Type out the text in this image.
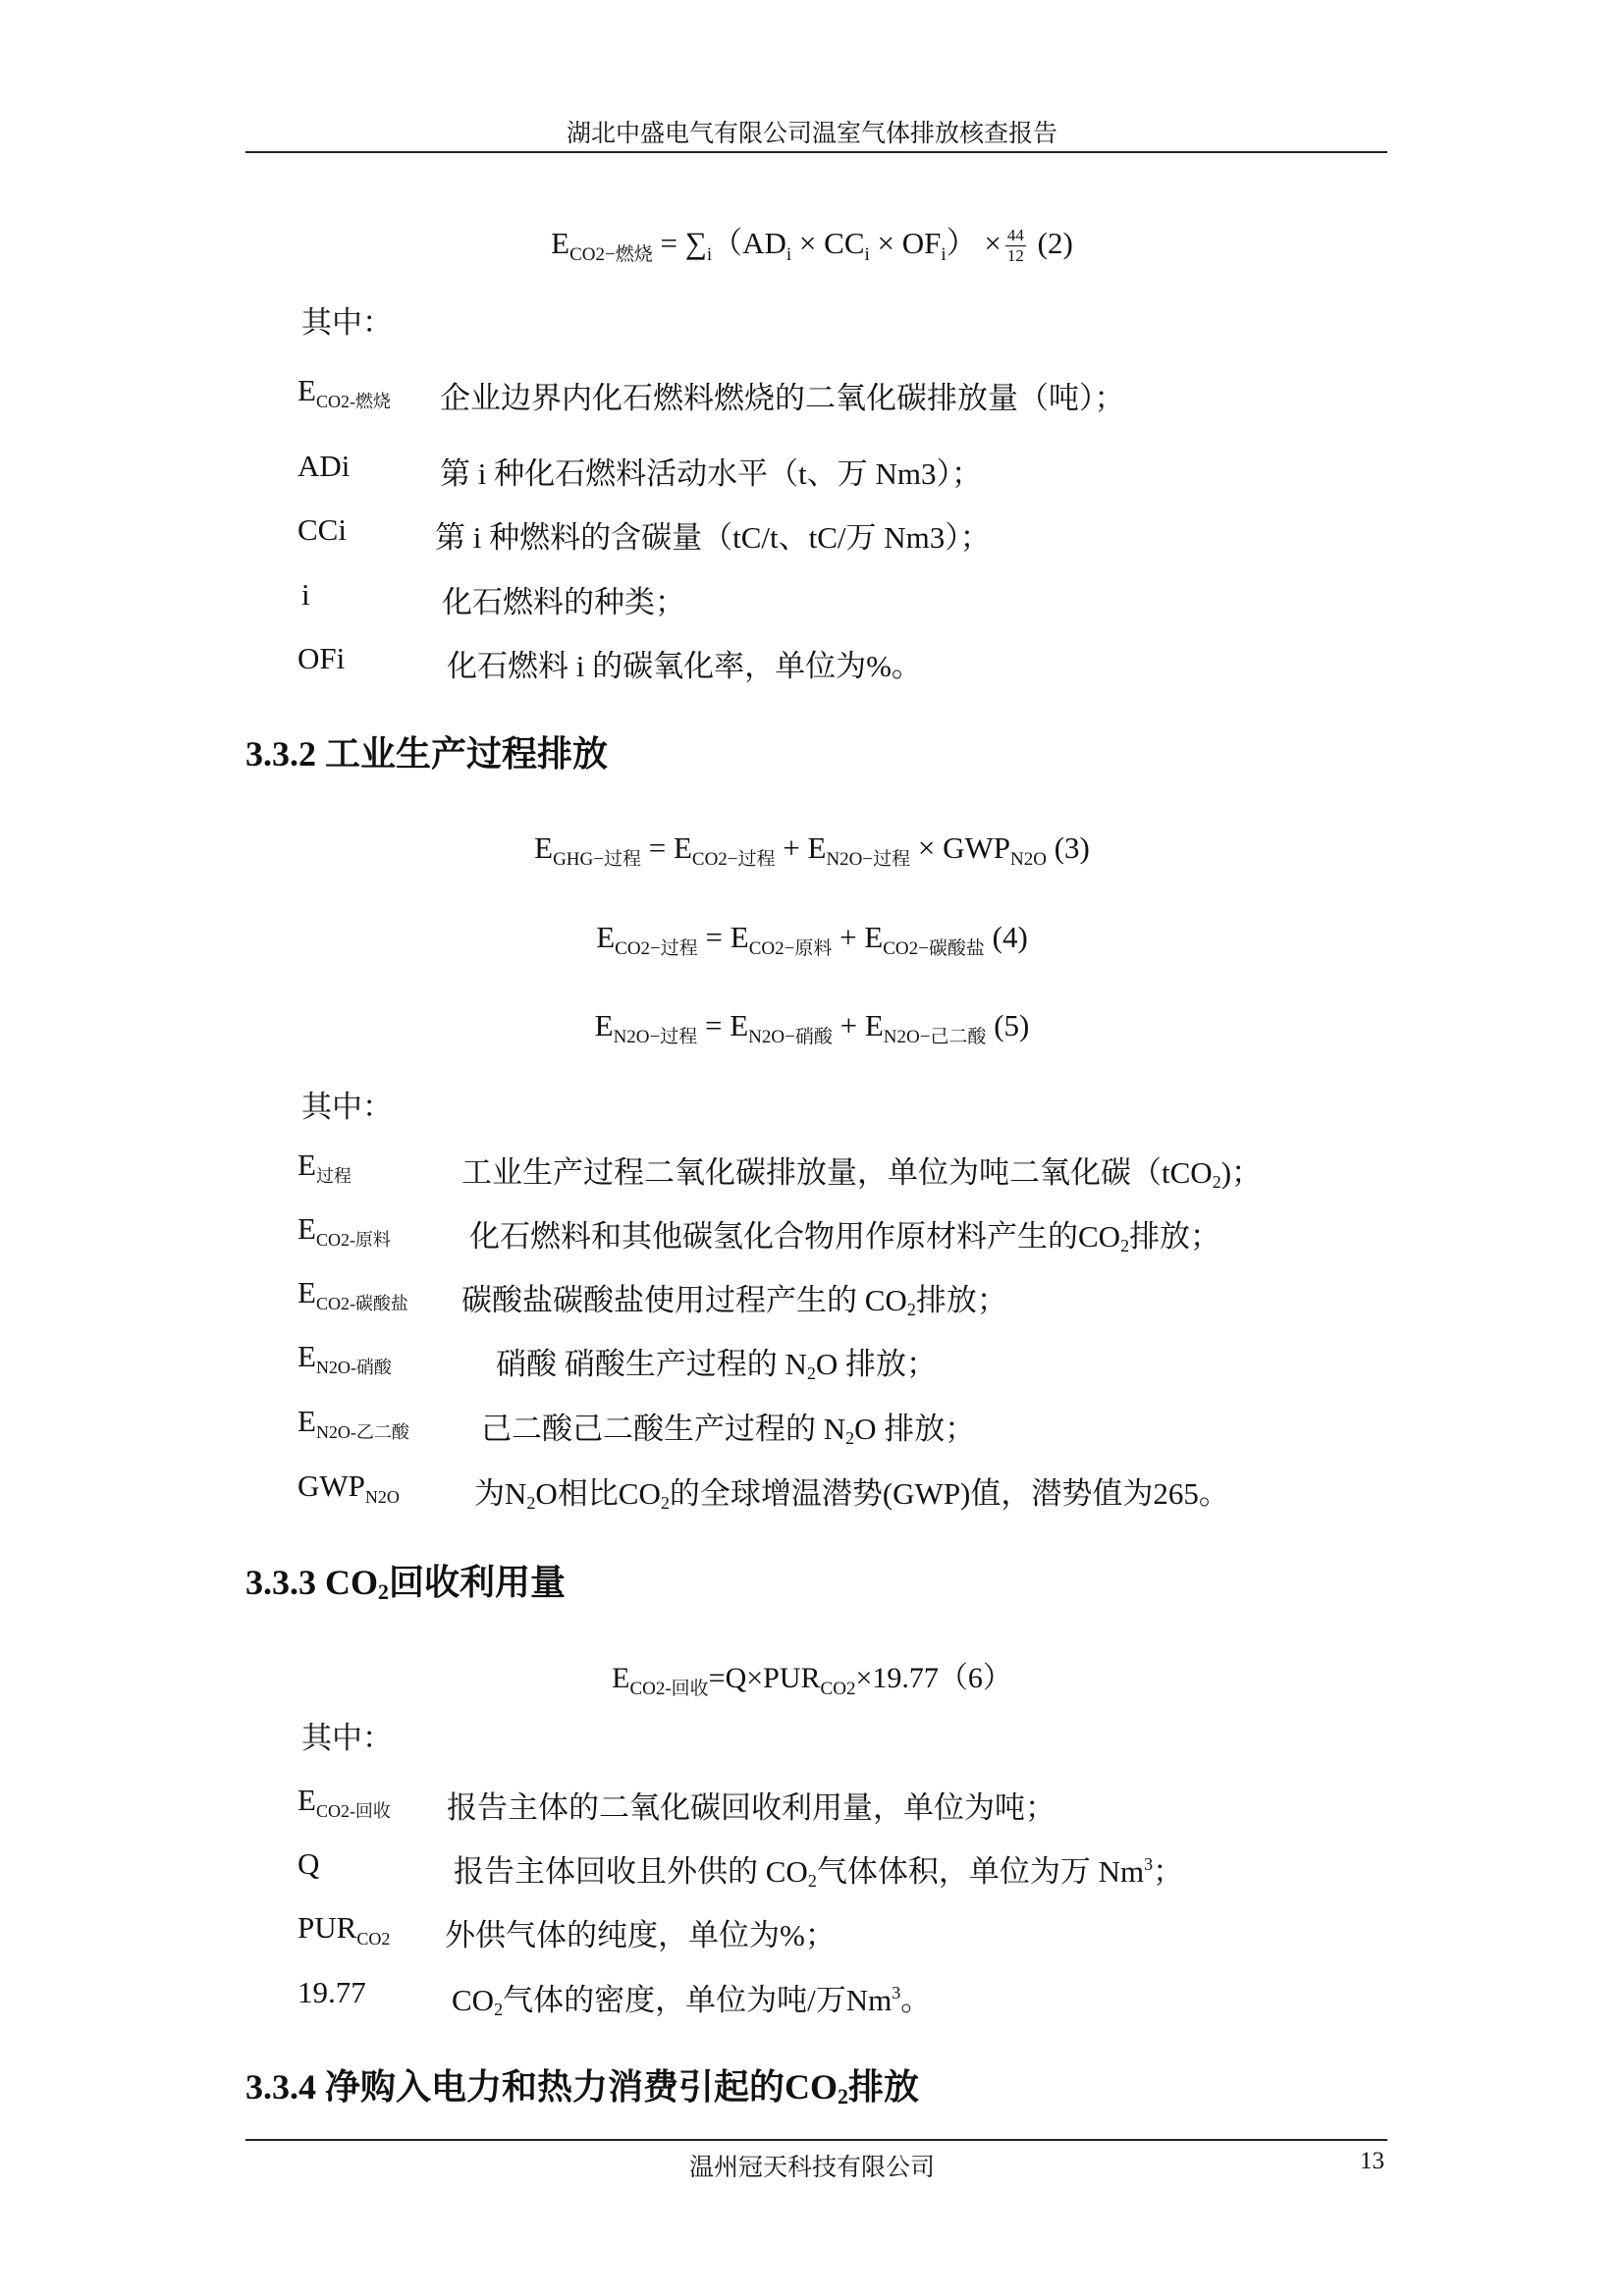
湖北中盛电气有限公司温室气体排放核查报告
$E_{CO2-燃烧} = \sum_i(AD_i \times CC_i \times OF_i) \times \frac{44}{12} (2)$
其中：
$E_{CO2-燃烧}$ 企业边界内化石燃料燃烧的二氧化碳排放量（吨）；
ADi	第 i 种化石燃料活动水平（t、万 Nm3）；
CCi	第 i 种燃料的含碳量（tC/t、tC/万 Nm3）；
i	化石燃料的种类；
OFi	化石燃料 i 的碳氧化率，单位为%。
3.3.2 工业生产过程排放
$E_{GHG-过程} = E_{CO2-过程} + E_{N2O-过程} \times GWP_{N2O}$ (3)
$E_{CO2-过程} = E_{CO2-原料} + E_{CO2-碳酸盐}$ (4)
$E_{N2O-过程} = E_{N2O-硝酸} + E_{N2O-己二酸}$ (5)
其中：
$E_{过程}$	工业生产过程二氧化碳排放量，单位为吨二氧化碳（tCO$_2$)；
$E_{CO2-原料}$	化石燃料和其他碳氢化合物用作原材料产生的$CO_2$排放；
$E_{CO2-碳酸盐}$ 碳酸盐碳酸盐使用过程产生的 $CO_2$排放；
$E_{N2O-硝酸}$	硝酸 硝酸生产过程的 $N_2O$ 排放；
$E_{N2O-乙二酸}$ 己二酸己二酸生产过程的 $N_2O$ 排放；
$GWP_{N2O}$ 为$N_2O$相比$CO_2$的全球增温潜势(GWP)值，潜势值为265。
3.3.3 $CO_2$回收利用量
$E_{CO2-回收}=Q\times PUR_{CO2}\times 19.77(6)$
其中：
$E_{CO2-回收}$ 报告主体的二氧化碳回收利用量，单位为吨；
Q	报告主体回收且外供的 $CO_2$气体体积，单位为万 Nm$^3$；
$PUR_{CO2}$ 外供气体的纯度，单位为%；
19.77	$CO_2$气体的密度，单位为吨/万Nm$^3$。
3.3.4 净购入电力和热力消费引起的$CO_2$排放
温州冠天科技有限公司	13
